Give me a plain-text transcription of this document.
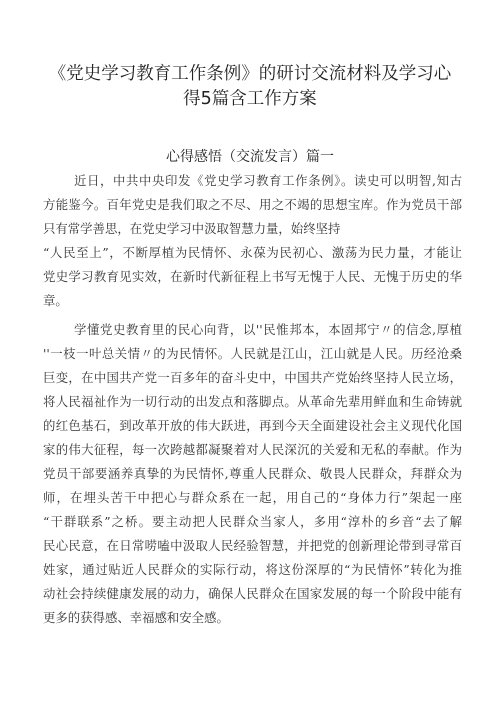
《党史学习教育工作条例》的研讨交流材料及学习心
得5篇含工作方案
心得感悟（交流发言）篇一
近日，中共中央印发《党史学习教育工作条例》。读史可以明智,知古
方能鉴今。百年党史是我们取之不尽、用之不竭的思想宝库。作为党员干部
只有常学善思，在党史学习中汲取智慧力量，始终坚持
“人民至上”，不断厚植为民情怀、永葆为民初心、激荡为民力量，才能让
党史学习教育见实效，在新时代新征程上书写无愧于人民、无愧于历史的华
章。
学懂党史教育里的民心向背，以''民惟邦本，本固邦宁〃的信念,厚植
''一枝一叶总关情〃的为民情怀。人民就是江山，江山就是人民。历经沧桑
巨变，在中国共产党一百多年的奋斗史中，中国共产党始终坚持人民立场，
将人民福祉作为一切行动的出发点和落脚点。从革命先辈用鲜血和生命铸就
的红色基石，到改革开放的伟大跃进，再到今天全面建设社会主义现代化国
家的伟大征程，每一次跨越都凝聚着对人民深沉的关爱和无私的奉献。作为
党员干部要涵养真挚的为民情怀,尊重人民群众、敬畏人民群众，拜群众为
师，在埋头苦干中把心与群众系在一起，用自己的“身体力行”架起一座
“干群联系”之桥。要主动把人民群众当家人，多用“淳朴的乡音“去了解
民心民意，在日常唠嗑中汲取人民经验智慧，并把党的创新理论带到寻常百
姓家，通过贴近人民群众的实际行动，将这份深厚的“为民情怀”转化为推
动社会持续健康发展的动力，确保人民群众在国家发展的每一个阶段中能有
更多的获得感、幸福感和安全感。
